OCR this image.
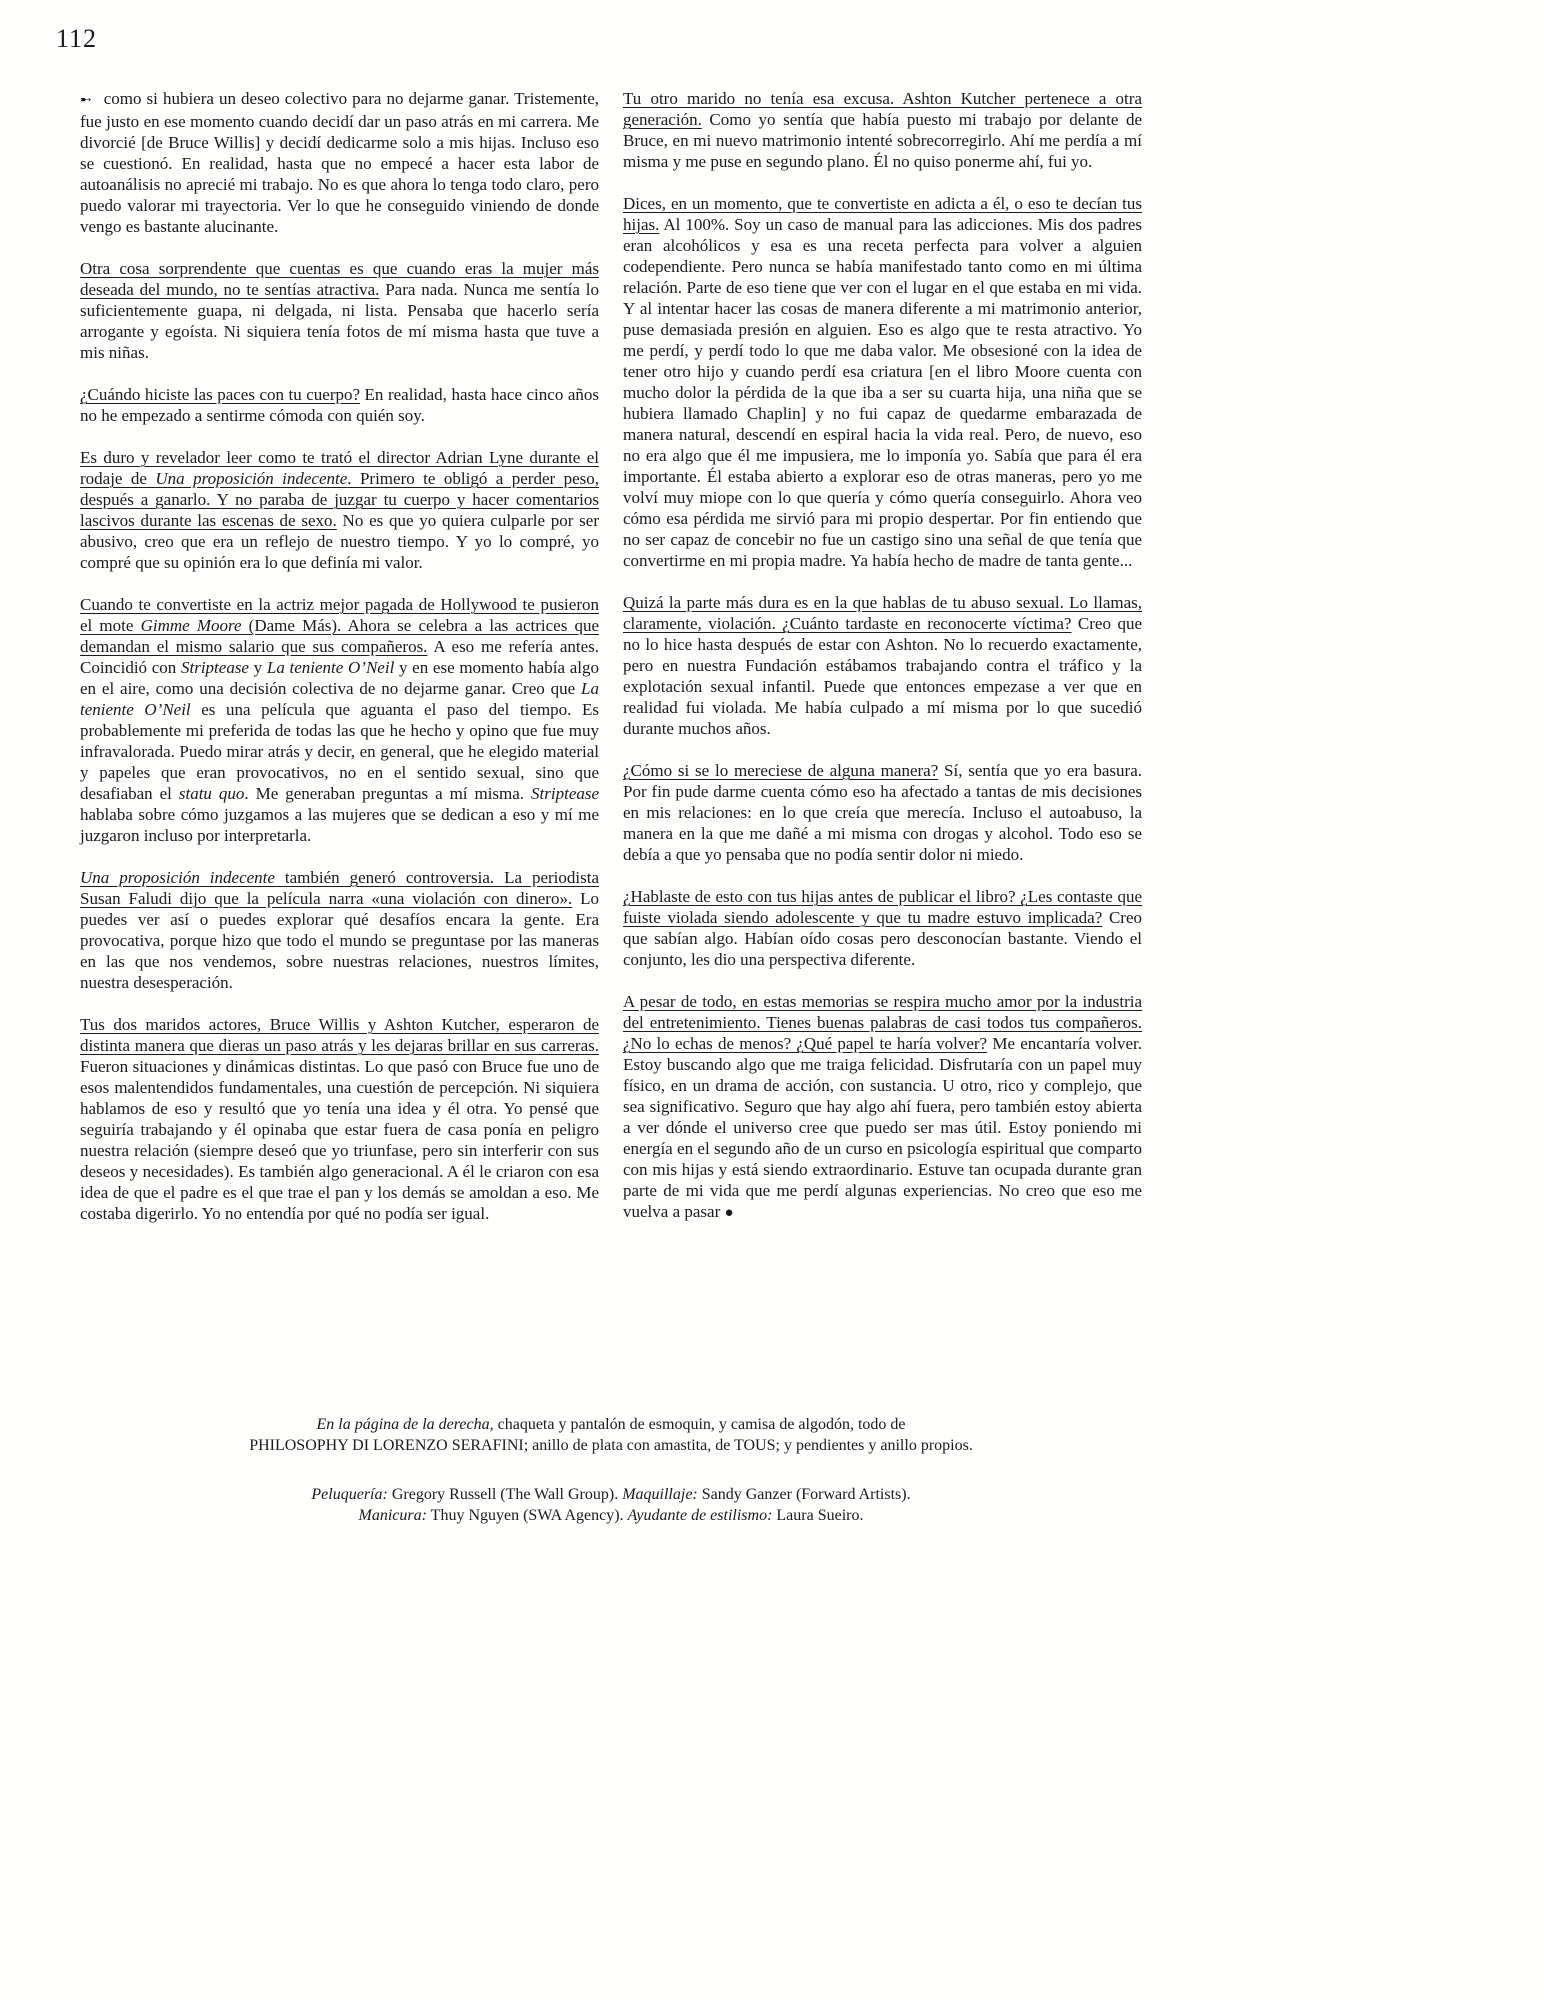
112

➸ como si hubiera un deseo colectivo para no dejarme ganar. Tristemente, fue justo en ese momento cuando decidí dar un paso atrás en mi carrera. Me divorcié [de Bruce Willis] y decidí dedicarme solo a mis hijas. Incluso eso se cuestionó. En realidad, hasta que no empecé a hacer esta labor de autoanálisis no aprecié mi trabajo. No es que ahora lo tenga todo claro, pero puedo valorar mi trayectoria. Ver lo que he conseguido viniendo de donde vengo es bastante alucinante.

Otra cosa sorprendente que cuentas es que cuando eras la mujer más deseada del mundo, no te sentías atractiva. Para nada. Nunca me sentía lo suficientemente guapa, ni delgada, ni lista. Pensaba que hacerlo sería arrogante y egoísta. Ni siquiera tenía fotos de mí misma hasta que tuve a mis niñas.

¿Cuándo hiciste las paces con tu cuerpo? En realidad, hasta hace cinco años no he empezado a sentirme cómoda con quién soy.

Es duro y revelador leer como te trató el director Adrian Lyne durante el rodaje de Una proposición indecente. Primero te obligó a perder peso, después a ganarlo. Y no paraba de juzgar tu cuerpo y hacer comentarios lascivos durante las escenas de sexo. No es que yo quiera culparle por ser abusivo, creo que era un reflejo de nuestro tiempo. Y yo lo compré, yo compré que su opinión era lo que definía mi valor.

Cuando te convertiste en la actriz mejor pagada de Hollywood te pusieron el mote Gimme Moore (Dame Más). Ahora se celebra a las actrices que demandan el mismo salario que sus compañeros. A eso me refería antes. Coincidió con Striptease y La teniente O’Neil y en ese momento había algo en el aire, como una decisión colectiva de no dejarme ganar. Creo que La teniente O’Neil es una película que aguanta el paso del tiempo. Es probablemente mi preferida de todas las que he hecho y opino que fue muy infravalorada. Puedo mirar atrás y decir, en general, que he elegido material y papeles que eran provocativos, no en el sentido sexual, sino que desafiaban el statu quo. Me generaban preguntas a mí misma. Striptease hablaba sobre cómo juzgamos a las mujeres que se dedican a eso y mí me juzgaron incluso por interpretarla.

Una proposición indecente también generó controversia. La periodista Susan Faludi dijo que la película narra «una violación con dinero». Lo puedes ver así o puedes explorar qué desafíos encara la gente. Era provocativa, porque hizo que todo el mundo se preguntase por las maneras en las que nos vendemos, sobre nuestras relaciones, nuestros límites, nuestra desesperación.

Tus dos maridos actores, Bruce Willis y Ashton Kutcher, esperaron de distinta manera que dieras un paso atrás y les dejaras brillar en sus carreras. Fueron situaciones y dinámicas distintas. Lo que pasó con Bruce fue uno de esos malentendidos fundamentales, una cuestión de percepción. Ni siquiera hablamos de eso y resultó que yo tenía una idea y él otra. Yo pensé que seguiría trabajando y él opinaba que estar fuera de casa ponía en peligro nuestra relación (siempre deseó que yo triunfase, pero sin interferir con sus deseos y necesidades). Es también algo generacional. A él le criaron con esa idea de que el padre es el que trae el pan y los demás se amoldan a eso. Me costaba digerirlo. Yo no entendía por qué no podía ser igual.

Tu otro marido no tenía esa excusa. Ashton Kutcher pertenece a otra generación. Como yo sentía que había puesto mi trabajo por delante de Bruce, en mi nuevo matrimonio intenté sobrecorregirlo. Ahí me perdía a mí misma y me puse en segundo plano. Él no quiso ponerme ahí, fui yo.

Dices, en un momento, que te convertiste en adicta a él, o eso te decían tus hijas. Al 100%. Soy un caso de manual para las adicciones. Mis dos padres eran alcohólicos y esa es una receta perfecta para volver a alguien codependiente. Pero nunca se había manifestado tanto como en mi última relación. Parte de eso tiene que ver con el lugar en el que estaba en mi vida. Y al intentar hacer las cosas de manera diferente a mi matrimonio anterior, puse demasiada presión en alguien. Eso es algo que te resta atractivo. Yo me perdí, y perdí todo lo que me daba valor. Me obsesioné con la idea de tener otro hijo y cuando perdí esa criatura [en el libro Moore cuenta con mucho dolor la pérdida de la que iba a ser su cuarta hija, una niña que se hubiera llamado Chaplin] y no fui capaz de quedarme embarazada de manera natural, descendí en espiral hacia la vida real. Pero, de nuevo, eso no era algo que él me impusiera, me lo imponía yo. Sabía que para él era importante. Él estaba abierto a explorar eso de otras maneras, pero yo me volví muy miope con lo que quería y cómo quería conseguirlo. Ahora veo cómo esa pérdida me sirvió para mi propio despertar. Por fin entiendo que no ser capaz de concebir no fue un castigo sino una señal de que tenía que convertirme en mi propia madre. Ya había hecho de madre de tanta gente...

Quizá la parte más dura es en la que hablas de tu abuso sexual. Lo llamas, claramente, violación. ¿Cuánto tardaste en reconocerte víctima? Creo que no lo hice hasta después de estar con Ashton. No lo recuerdo exactamente, pero en nuestra Fundación estábamos trabajando contra el tráfico y la explotación sexual infantil. Puede que entonces empezase a ver que en realidad fui violada. Me había culpado a mí misma por lo que sucedió durante muchos años.

¿Cómo si se lo mereciese de alguna manera? Sí, sentía que yo era basura. Por fin pude darme cuenta cómo eso ha afectado a tantas de mis decisiones en mis relaciones: en lo que creía que merecía. Incluso el autoabuso, la manera en la que me dañé a mi misma con drogas y alcohol. Todo eso se debía a que yo pensaba que no podía sentir dolor ni miedo.

¿Hablaste de esto con tus hijas antes de publicar el libro? ¿Les contaste que fuiste violada siendo adolescente y que tu madre estuvo implicada? Creo que sabían algo. Habían oído cosas pero desconocían bastante. Viendo el conjunto, les dio una perspectiva diferente.

A pesar de todo, en estas memorias se respira mucho amor por la industria del entretenimiento. Tienes buenas palabras de casi todos tus compañeros. ¿No lo echas de menos? ¿Qué papel te haría volver? Me encantaría volver. Estoy buscando algo que me traiga felicidad. Disfrutaría con un papel muy físico, en un drama de acción, con sustancia. U otro, rico y complejo, que sea significativo. Seguro que hay algo ahí fuera, pero también estoy abierta a ver dónde el universo cree que puedo ser mas útil. Estoy poniendo mi energía en el segundo año de un curso en psicología espiritual que comparto con mis hijas y está siendo extraordinario. Estuve tan ocupada durante gran parte de mi vida que me perdí algunas experiencias. No creo que eso me vuelva a pasar ●

En la página de la derecha, chaqueta y pantalón de esmoquin, y camisa de algodón, todo de
PHILOSOPHY DI LORENZO SERAFINI; anillo de plata con amastita, de TOUS; y pendientes y anillo propios.
Peluquería: Gregory Russell (The Wall Group). Maquillaje: Sandy Ganzer (Forward Artists).
Manicura: Thuy Nguyen (SWA Agency). Ayudante de estilismo: Laura Sueiro.
